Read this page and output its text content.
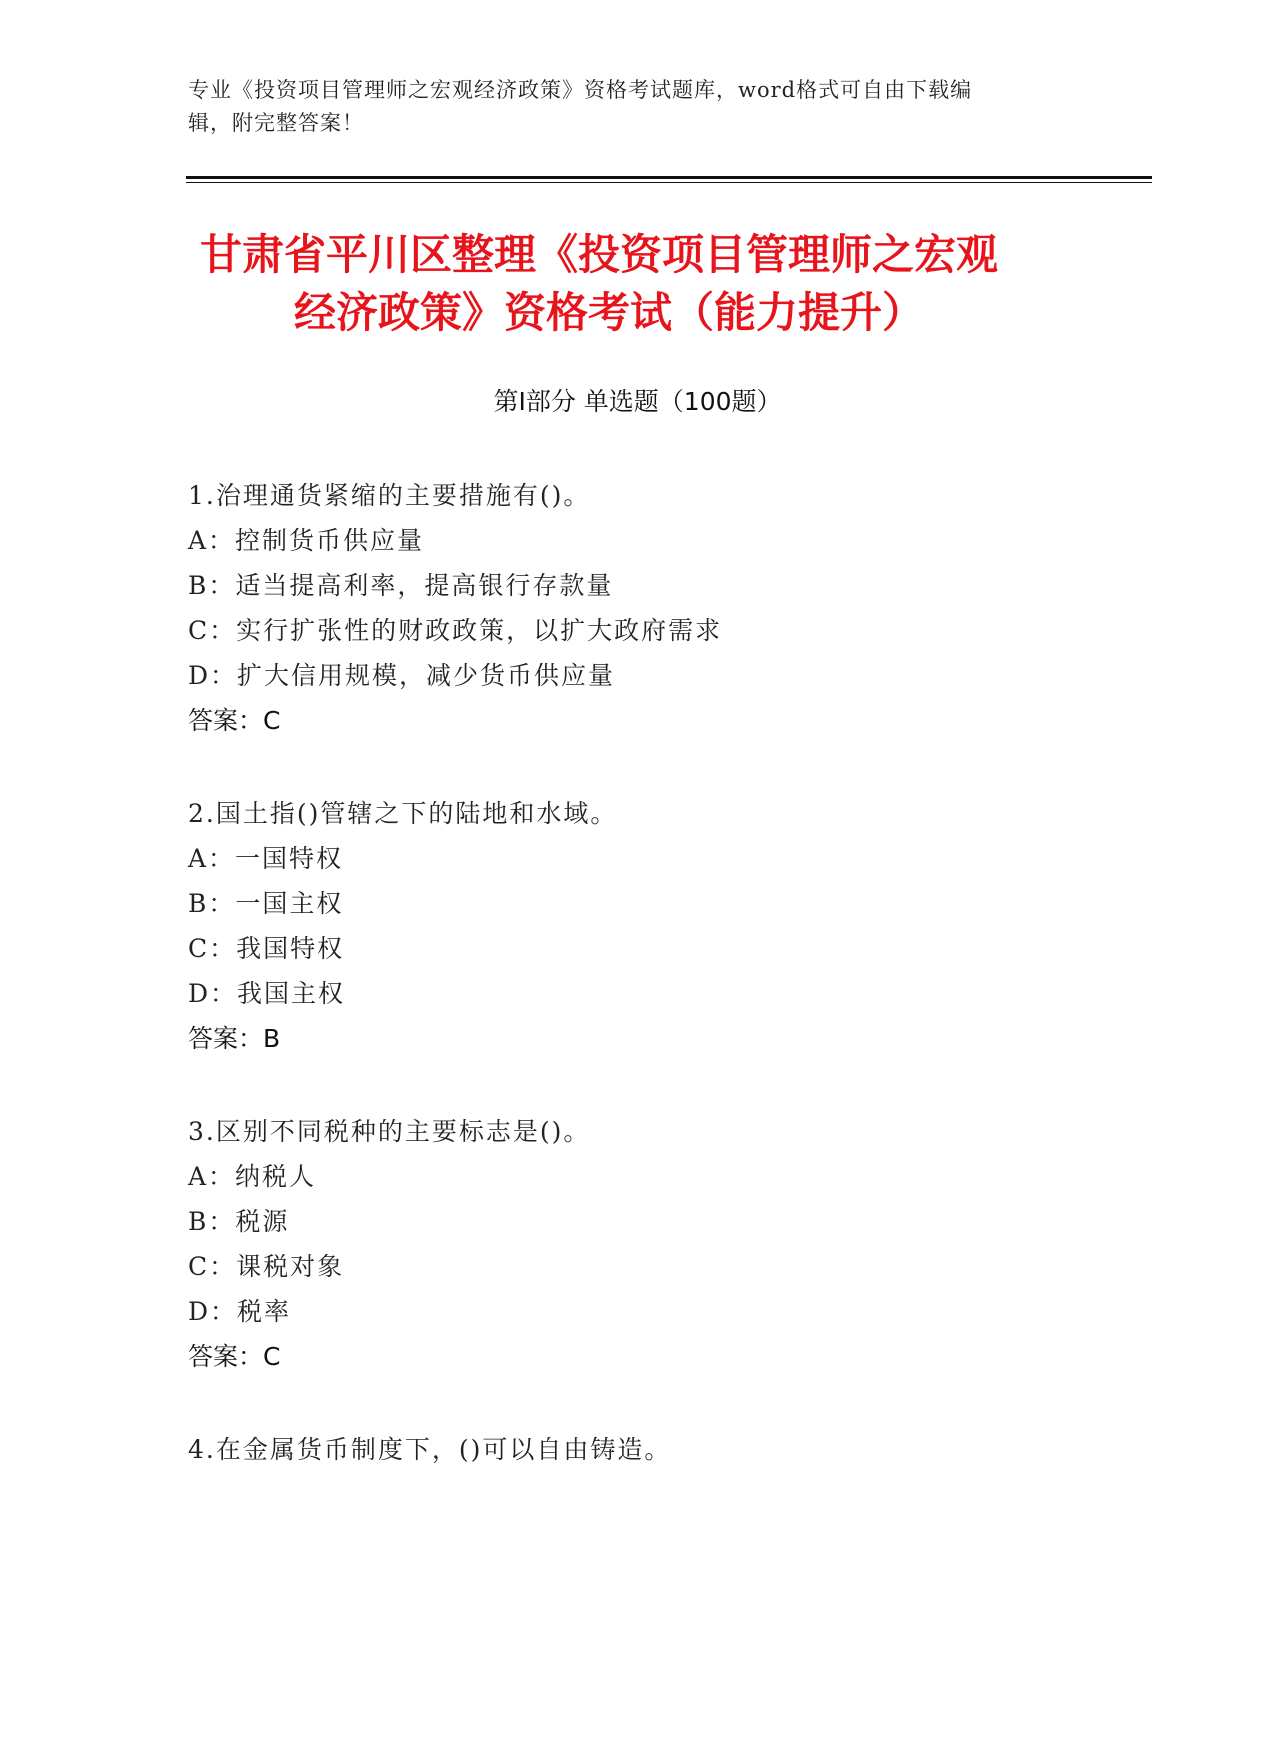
专业《投资项目管理师之宏观经济政策》资格考试题库，word格式可自由下载编
辑，附完整答案！
甘肃省平川区整理《投资项目管理师之宏观
经济政策》资格考试（能力提升）
第Ⅰ部分 单选题（100题）
1.治理通货紧缩的主要措施有()。
A：控制货币供应量
B：适当提高利率，提高银行存款量
C：实行扩张性的财政政策，以扩大政府需求
D：扩大信用规模，减少货币供应量
答案：C
2.国土指()管辖之下的陆地和水域。
A：一国特权
B：一国主权
C：我国特权
D：我国主权
答案：B
3.区别不同税种的主要标志是()。
A：纳税人
B：税源
C：课税对象
D：税率
答案：C
4.在金属货币制度下，()可以自由铸造。
